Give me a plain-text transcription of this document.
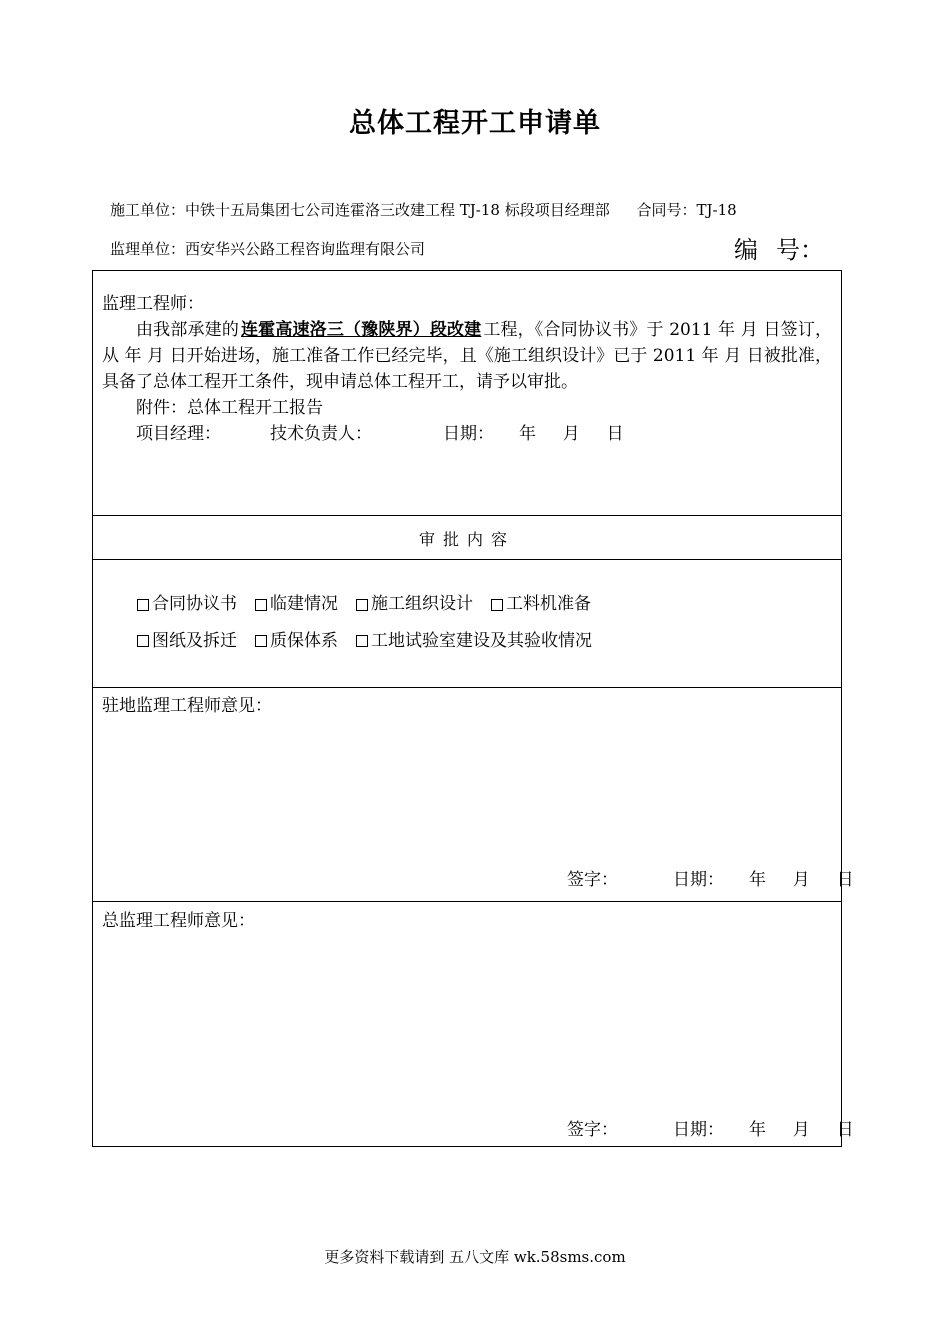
总体工程开工申请单
施工单位：中铁十五局集团七公司连霍洛三改建工程 TJ-18 标段项目经理部 合同号：TJ-18
监理单位：西安华兴公路工程咨询监理有限公司	编 号：

监理工程师：

由我部承建的 连霍高速洛三（豫陕界）段改建 工程，《合同协议书》于 2011 年 月 日签订，从 年 月 日开始进场，施工准备工作已经完毕，且《施工组织设计》已于 2011 年 月 日被批准，具备了总体工程开工条件，现申请总体工程开工，请予以审批。

附件：总体工程开工报告

项目经理：	技术负责人：	日期： 年  月  日

审批内容
合同协议书 临建情况 施工组织设计 工料机准备
图纸及拆迁 质保体系 工地试验室建设及其验收情况
驻地监理工程师意见：
签字：	日期： 年  月  日
总监理工程师意见：
签字：	日期： 年  月  日
更多资料下载请到 五八文库 wk.58sms.com
